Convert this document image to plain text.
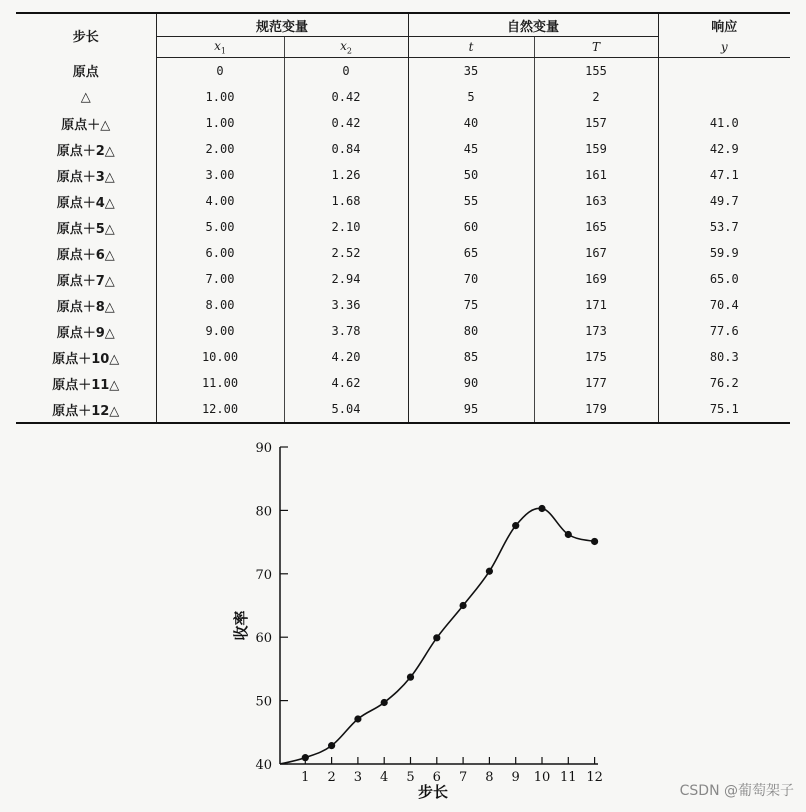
步长	规范变量		自然变量		响应
	$x_1$	$x_2$	t	T	y
原点	0	0	35	155	
△	1.00	0.42	5	2	
原点＋△	1.00	0.42	40	157	41.0
原点＋2△	2.00	0.84	45	159	42.9
原点＋3△	3.00	1.26	50	161	47.1
原点＋4△	4.00	1.68	55	163	49.7
原点＋5△	5.00	2.10	60	165	53.7
原点＋6△	6.00	2.52	65	167	59.9
原点＋7△	7.00	2.94	70	169	65.0
原点＋8△	8.00	3.36	75	171	70.4
原点＋9△	9.00	3.78	80	173	77.6
原点＋10△	10.00	4.20	85	175	80.3
原点＋11△	11.00	4.62	90	177	76.2
原点＋12△	12.00	5.04	95	179	75.1
40
50
60
70
80
90
1 2 3 4 5 6 7 8 9 10 11 12
收率
步长	CSDN @葡萄架子
